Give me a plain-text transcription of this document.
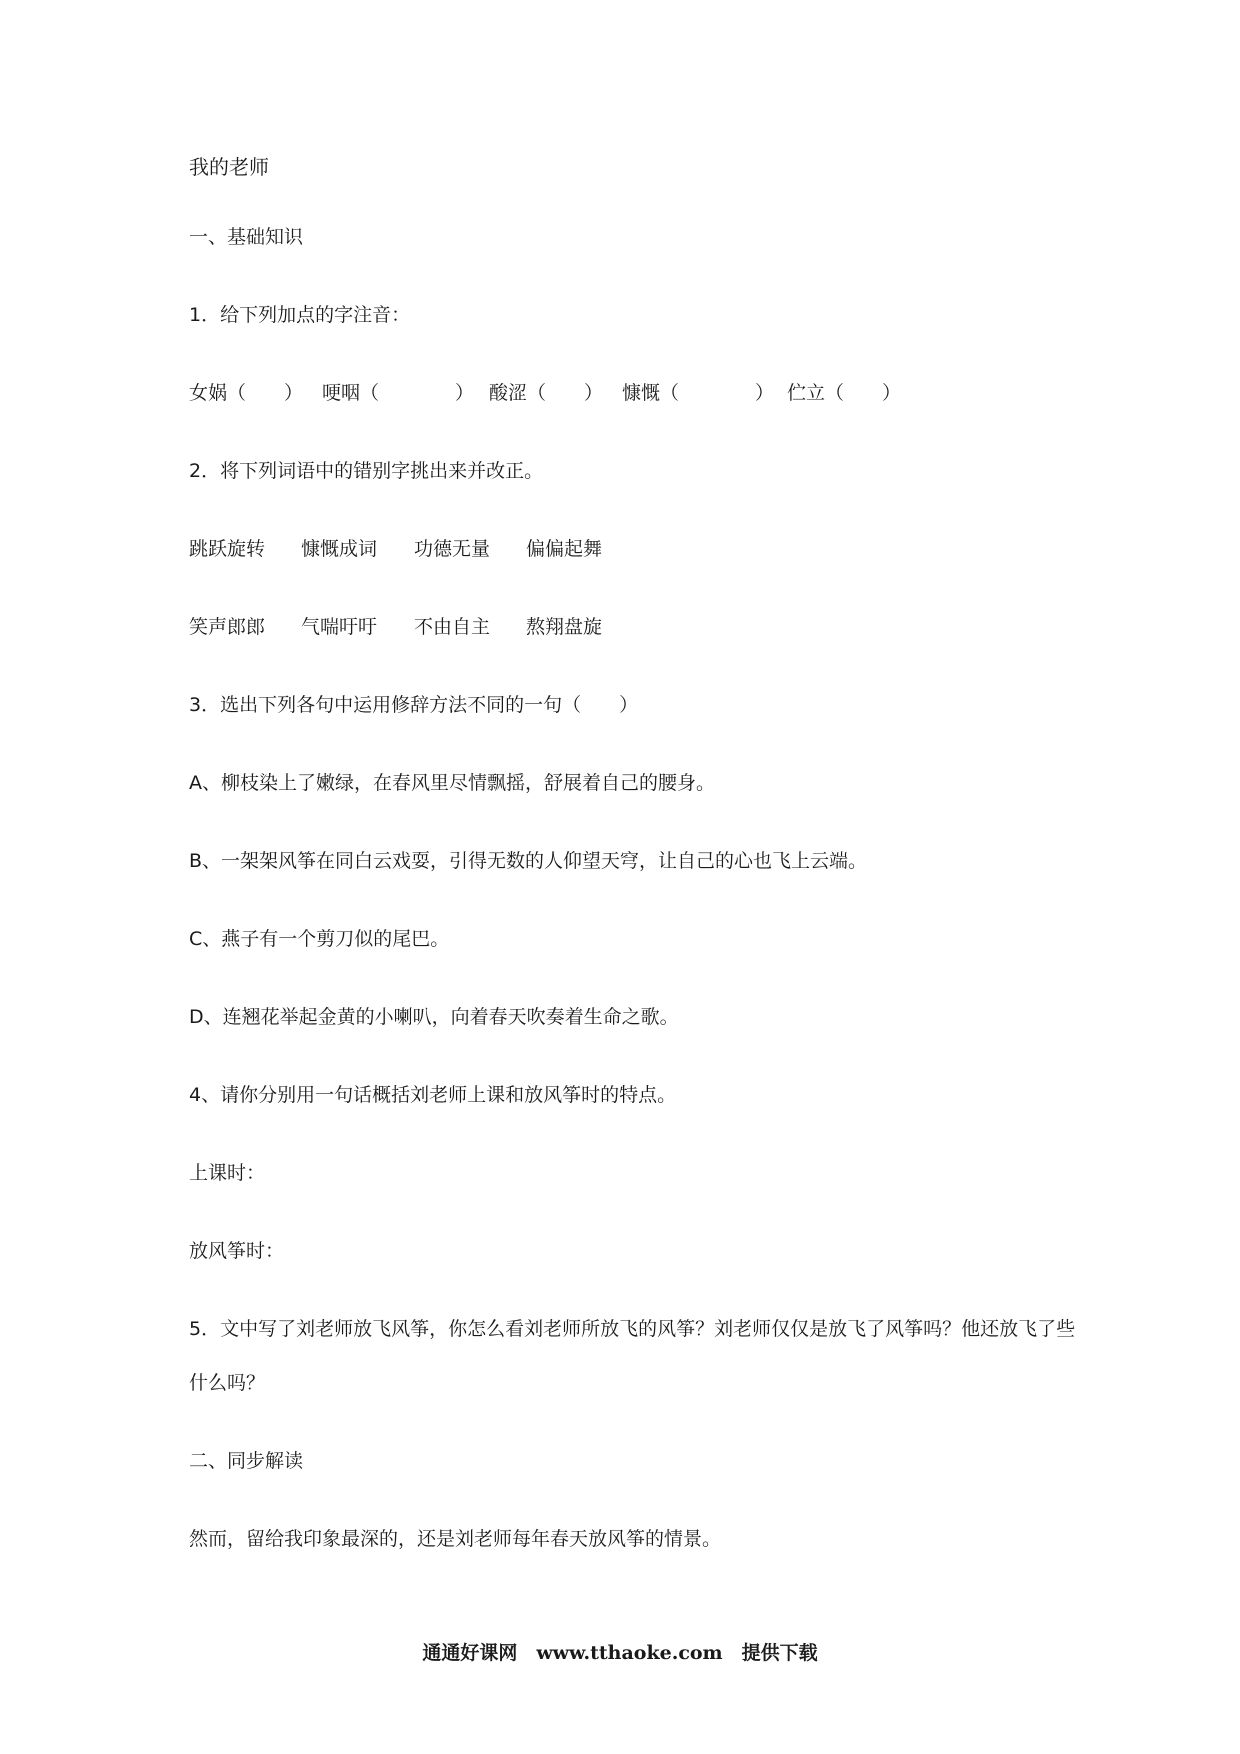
我的老师
一、基础知识
1．给下列加点的字注音：
女娲（　　） 哽咽（　　　　） 酸涩（　　） 慷慨（　　　　） 伫立（　　）
2．将下列词语中的错别字挑出来并改正。
跳跃旋转 慷慨成词 功德无量 偏偏起舞
笑声郎郎 气喘吁吁 不由自主 熬翔盘旋
3．选出下列各句中运用修辞方法不同的一句（　　）
A、柳枝染上了嫩绿，在春风里尽情飘摇，舒展着自己的腰身。
B、一架架风筝在同白云戏耍，引得无数的人仰望天穹，让自己的心也飞上云端。
C、燕子有一个剪刀似的尾巴。
D、连翘花举起金黄的小喇叭，向着春天吹奏着生命之歌。
4、请你分别用一句话概括刘老师上课和放风筝时的特点。
上课时：
放风筝时：
5．文中写了刘老师放飞风筝，你怎么看刘老师所放飞的风筝？刘老师仅仅是放飞了风筝吗？他还放飞了些
什么吗？
二、同步解读
然而，留给我印象最深的，还是刘老师每年春天放风筝的情景。
通通好课网　www.tthaoke.com　提供下载
